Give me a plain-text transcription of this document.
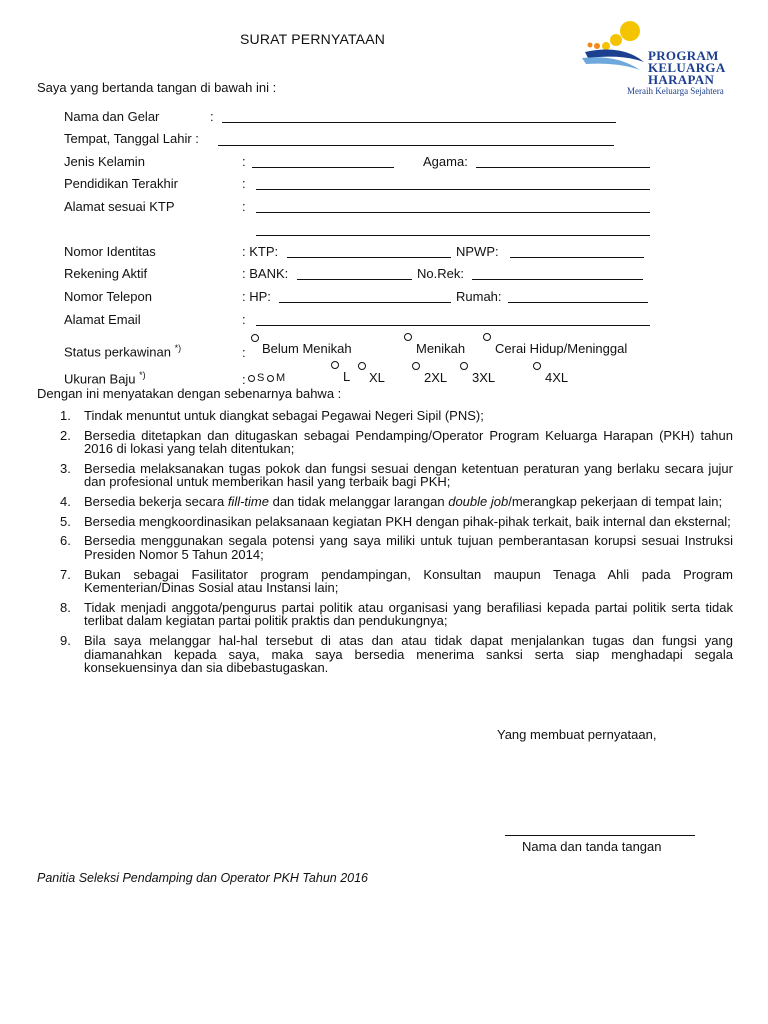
SURAT PERNYATAAN
PROGRAM
KELUARGA
HARAPAN
Meraih Keluarga Sejahtera
Saya yang bertanda tangan di bawah ini :
Nama dan Gelar	:
Tempat, Tanggal Lahir :
Jenis Kelamin	:	Agama:
Pendidikan Terakhir	:
Alamat sesuai KTP	:
Nomor Identitas	: KTP:	NPWP:
Rekening Aktif	: BANK:	No.Rek:
Nomor Telepon	: HP:	Rumah:
Alamat Email	:
Status perkawinan *)	: Belum Menikah	Menikah Cerai Hidup/Meninggal
Ukuran Baju *)	: S M	L XL	2XL 3XL	4XL
Dengan ini menyatakan dengan sebenarnya bahwa :
1. Tindak menuntut untuk diangkat sebagai Pegawai Negeri Sipil (PNS);
2. Bersedia ditetapkan dan ditugaskan sebagai Pendamping/Operator Program Keluarga Harapan (PKH) tahun 2016 di lokasi yang telah ditentukan;
3. Bersedia melaksanakan tugas pokok dan fungsi sesuai dengan ketentuan peraturan yang berlaku secara jujur dan profesional untuk memberikan hasil yang terbaik bagi PKH;
4. Bersedia bekerja secara fill-time dan tidak melanggar larangan double job/merangkap pekerjaan di tempat lain;
5. Bersedia mengkoordinasikan pelaksanaan kegiatan PKH dengan pihak-pihak terkait, baik internal dan eksternal;
6. Bersedia menggunakan segala potensi yang saya miliki untuk tujuan pemberantasan korupsi sesuai Instruksi Presiden Nomor 5 Tahun 2014;
7. Bukan sebagai Fasilitator program pendampingan, Konsultan maupun Tenaga Ahli pada Program Kementerian/Dinas Sosial atau Instansi lain;
8. Tidak menjadi anggota/pengurus partai politik atau organisasi yang berafiliasi kepada partai politik serta tidak terlibat dalam kegiatan partai politik praktis dan pendukungnya;
9. Bila saya melanggar hal-hal tersebut di atas dan atau tidak dapat menjalankan tugas dan fungsi yang diamanahkan kepada saya, maka saya bersedia menerima sanksi serta siap menghadapi segala konsekuensinya dan sia dibebastugaskan.
Yang membuat pernyataan,
Nama dan tanda tangan
Panitia Seleksi Pendamping dan Operator PKH Tahun 2016
